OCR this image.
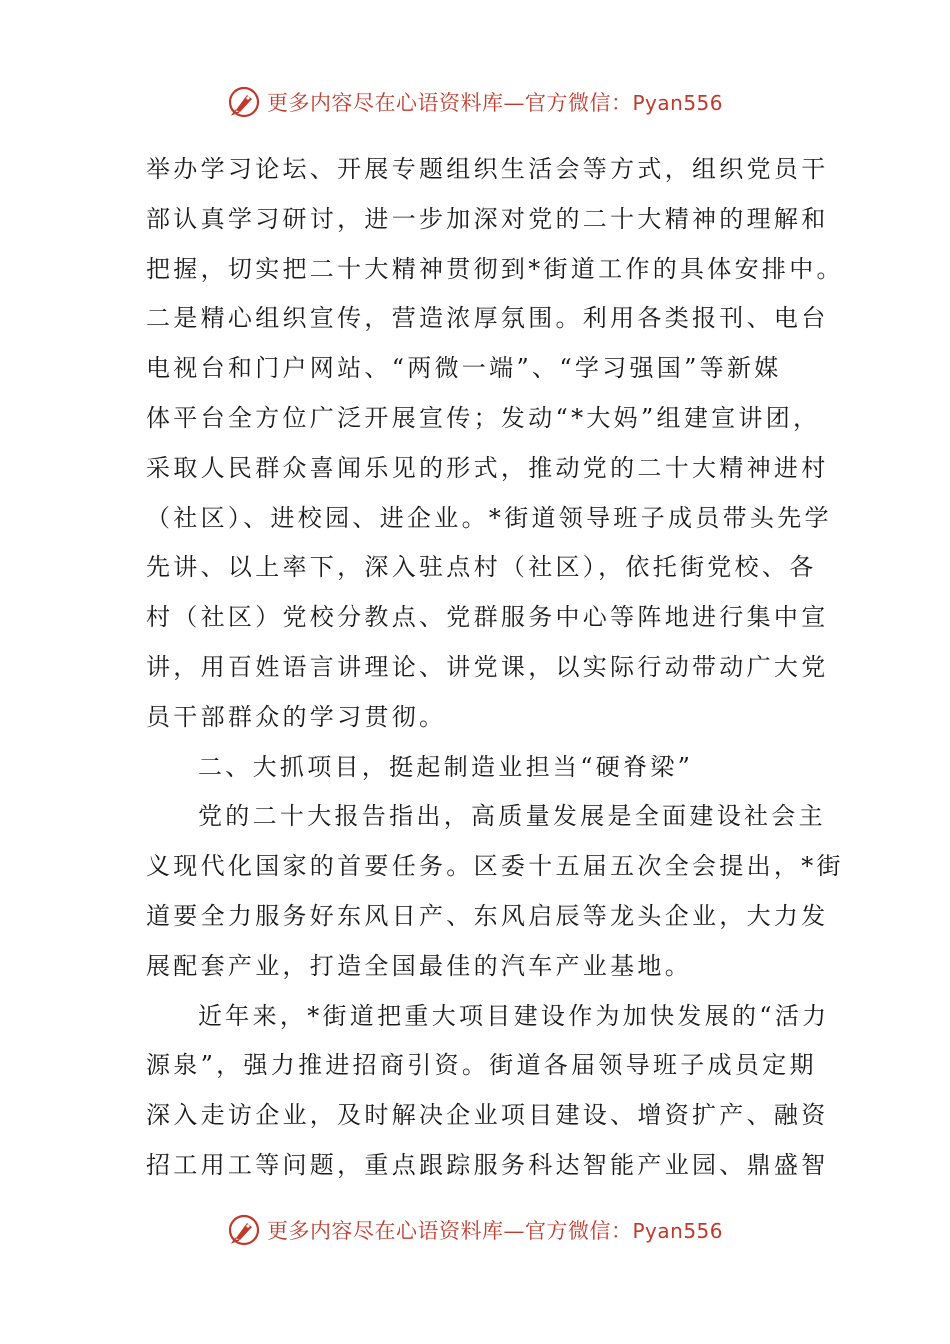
更多内容尽在心语资料库—官方微信：Pyan556
举办学习论坛、开展专题组织生活会等方式，组织党员干
部认真学习研讨，进一步加深对党的二十大精神的理解和
把握，切实把二十大精神贯彻到*街道工作的具体安排中。
二是精心组织宣传，营造浓厚氛围。利用各类报刊、电台
电视台和门户网站、“两微一端”、“学习强国”等新媒
体平台全方位广泛开展宣传；发动“*大妈”组建宣讲团，
采取人民群众喜闻乐见的形式，推动党的二十大精神进村
（社区）、进校园、进企业。*街道领导班子成员带头先学
先讲、以上率下，深入驻点村（社区），依托街党校、各
村（社区）党校分教点、党群服务中心等阵地进行集中宣
讲，用百姓语言讲理论、讲党课，以实际行动带动广大党
员干部群众的学习贯彻。
二、大抓项目，挺起制造业担当“硬脊梁”
党的二十大报告指出，高质量发展是全面建设社会主
义现代化国家的首要任务。区委十五届五次全会提出，*街
道要全力服务好东风日产、东风启辰等龙头企业，大力发
展配套产业，打造全国最佳的汽车产业基地。
近年来，*街道把重大项目建设作为加快发展的“活力
源泉”，强力推进招商引资。街道各届领导班子成员定期
深入走访企业，及时解决企业项目建设、增资扩产、融资
招工用工等问题，重点跟踪服务科达智能产业园、鼎盛智
更多内容尽在心语资料库—官方微信：Pyan556
